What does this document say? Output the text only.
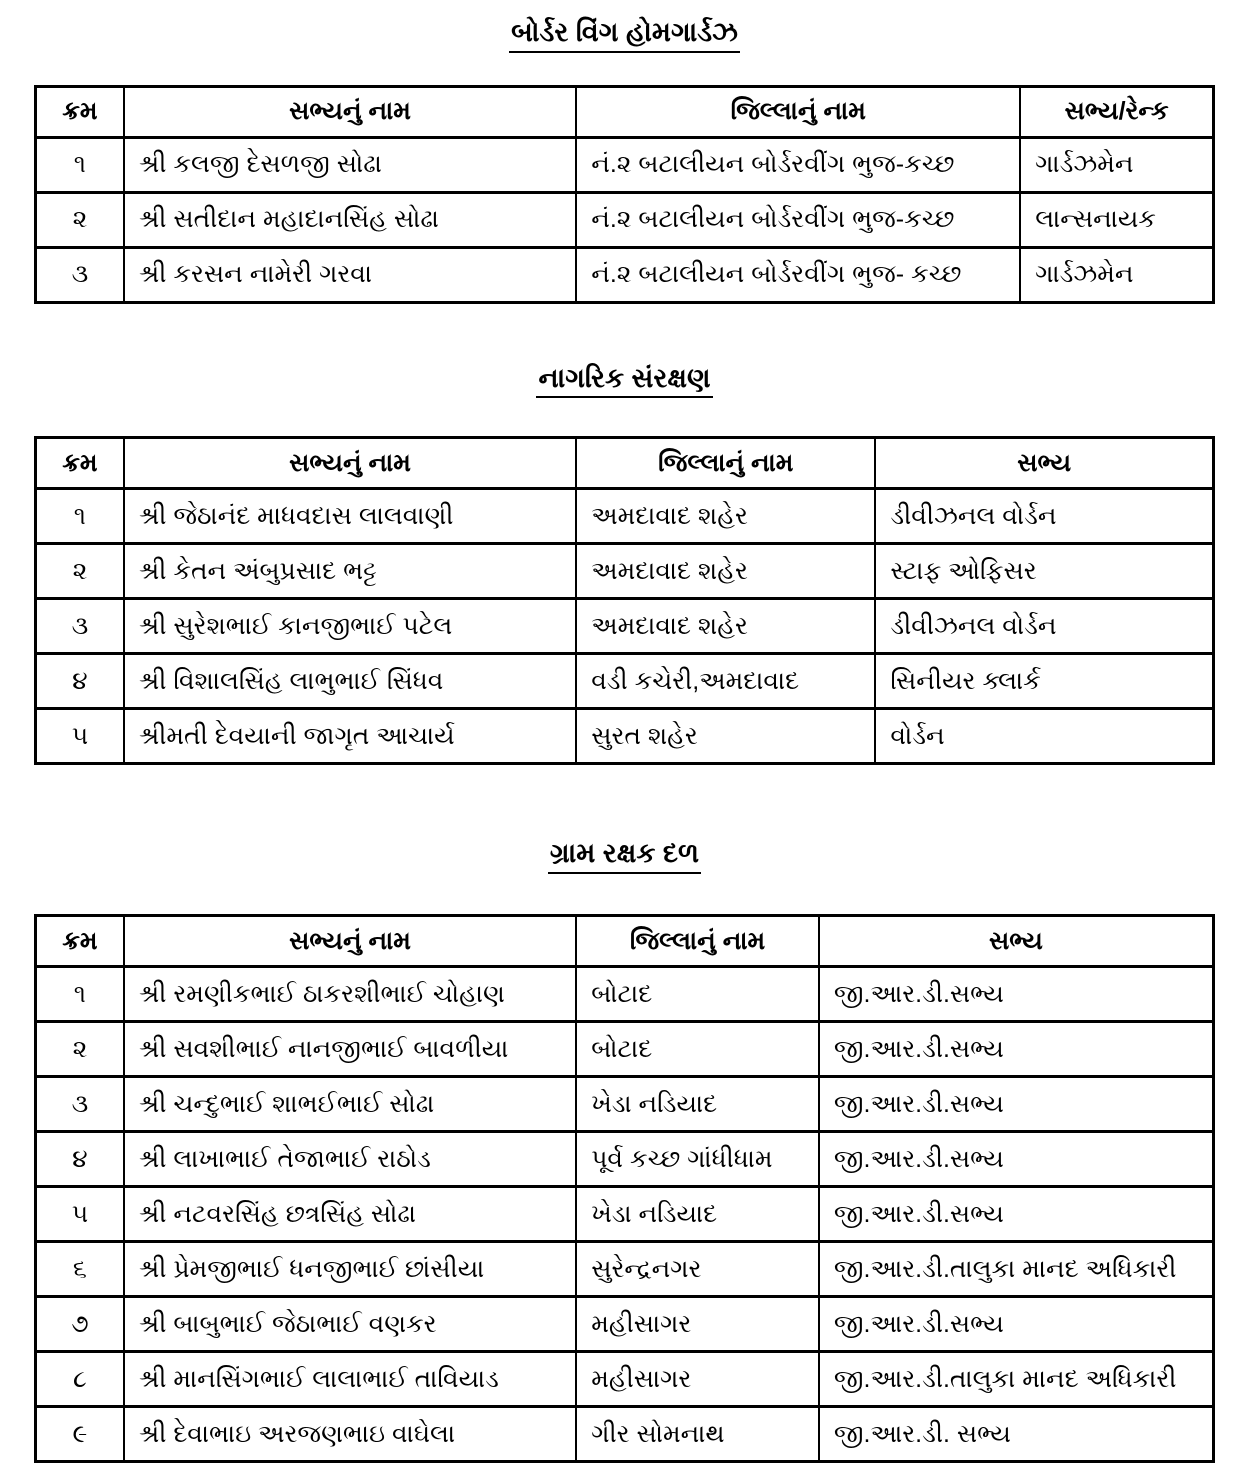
બોર્ડર વિંગ હોમગાર્ડઝ
ક્રમ	સભ્યનું નામ	જિલ્લાનું નામ	સભ્ય/રેન્ક
૧	શ્રી કલજી દેસળજી સોઢા	નં.૨ બટાલીયન બોર્ડરવીંગ ભુજ-કચ્છ	ગાર્ડઝમેન
૨	શ્રી સતીદાન મહાદાનસિંહ સોઢા	નં.૨ બટાલીયન બોર્ડરવીંગ ભુજ-કચ્છ	લાન્સનાયક
૩	શ્રી કરસન નામેરી ગરવા	નં.૨ બટાલીયન બોર્ડરવીંગ ભુજ- કચ્છ	ગાર્ડઝમેન
નાગરિક સંરક્ષણ
ક્રમ	સભ્યનું નામ	જિલ્લાનું નામ	સભ્ય
૧	શ્રી જેઠાનંદ માધવદાસ લાલવાણી	અમદાવાદ શહેર	ડીવીઝનલ વોર્ડન
૨	શ્રી કેતન અંબુપ્રસાદ ભટ્ટ	અમદાવાદ શહેર	સ્ટાફ ઓફિસર
૩	શ્રી સુરેશભાઈ કાનજીભાઈ પટેલ	અમદાવાદ શહેર	ડીવીઝનલ વોર્ડન
૪	શ્રી વિશાલસિંહ લાભુભાઈ સિંધવ	વડી કચેરી,અમદાવાદ	સિનીયર ક્લાર્ક
૫	શ્રીમતી દેવયાની જાગૃત આચાર્ય	સુરત શહેર	વોર્ડન
ગ્રામ રક્ષક દળ
ક્રમ	સભ્યનું નામ	જિલ્લાનું નામ	સભ્ય
૧	શ્રી રમણીકભાઈ ઠાકરશીભાઈ ચોહાણ	બોટાદ	જી.આર.ડી.સભ્ય
૨	શ્રી સવશીભાઈ નાનજીભાઈ બાવળીયા	બોટાદ	જી.આર.ડી.સભ્ય
૩	શ્રી ચન્દુભાઈ શાભઈભાઈ સોઢા	ખેડા નડિયાદ	જી.આર.ડી.સભ્ય
૪	શ્રી લાખાભાઈ તેજાભાઈ રાઠોડ	પૂર્વ કચ્છ ગાંધીધામ	જી.આર.ડી.સભ્ય
૫	શ્રી નટવરસિંહ છત્રસિંહ સોઢા	ખેડા નડિયાદ	જી.આર.ડી.સભ્ય
૬	શ્રી પ્રેમજીભાઈ ધનજીભાઈ છાંસીયા	સુરેન્દ્રનગર	જી.આર.ડી.તાલુકા માનદ અધિકારી
૭	શ્રી બાબુભાઈ જેઠાભાઈ વણકર	મહીસાગર	જી.આર.ડી.સભ્ય
૮	શ્રી માનસિંગભાઈ લાલાભાઈ તાવિયાડ	મહીસાગર	જી.આર.ડી.તાલુકા માનદ અધિકારી
૯	શ્રી દેવાભાઇ અરજણભાઇ વાઘેલા	ગીર સોમનાથ	જી.આર.ડી. સભ્ય
